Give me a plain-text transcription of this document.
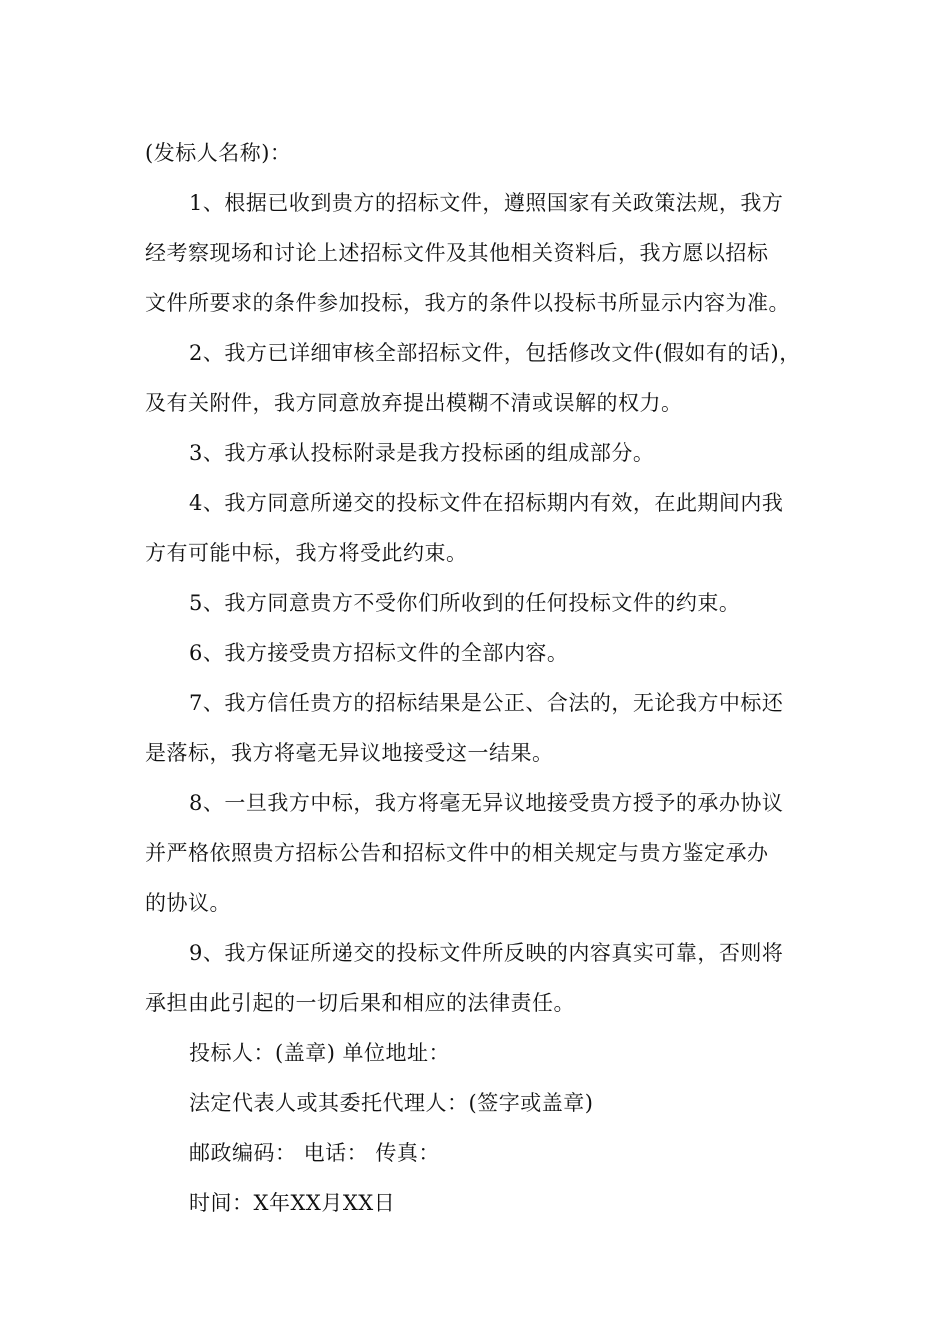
(发标人名称)：

1、根据已收到贵方的招标文件，遵照国家有关政策法规，我方

经考察现场和讨论上述招标文件及其他相关资料后，我方愿以招标

文件所要求的条件参加投标，我方的条件以投标书所显示内容为准。

2、我方已详细审核全部招标文件，包括修改文件(假如有的话)，

及有关附件，我方同意放弃提出模糊不清或误解的权力。

3、我方承认投标附录是我方投标函的组成部分。

4、我方同意所递交的投标文件在招标期内有效，在此期间内我

方有可能中标，我方将受此约束。

5、我方同意贵方不受你们所收到的任何投标文件的约束。

6、我方接受贵方招标文件的全部内容。

7、我方信任贵方的招标结果是公正、合法的，无论我方中标还

是落标，我方将毫无异议地接受这一结果。

8、一旦我方中标，我方将毫无异议地接受贵方授予的承办协议

并严格依照贵方招标公告和招标文件中的相关规定与贵方鉴定承办

的协议。

9、我方保证所递交的投标文件所反映的内容真实可靠，否则将

承担由此引起的一切后果和相应的法律责任。

投标人：(盖章) 单位地址：

法定代表人或其委托代理人：(签字或盖章)

邮政编码： 电话： 传真：

时间：X年XX月XX日
